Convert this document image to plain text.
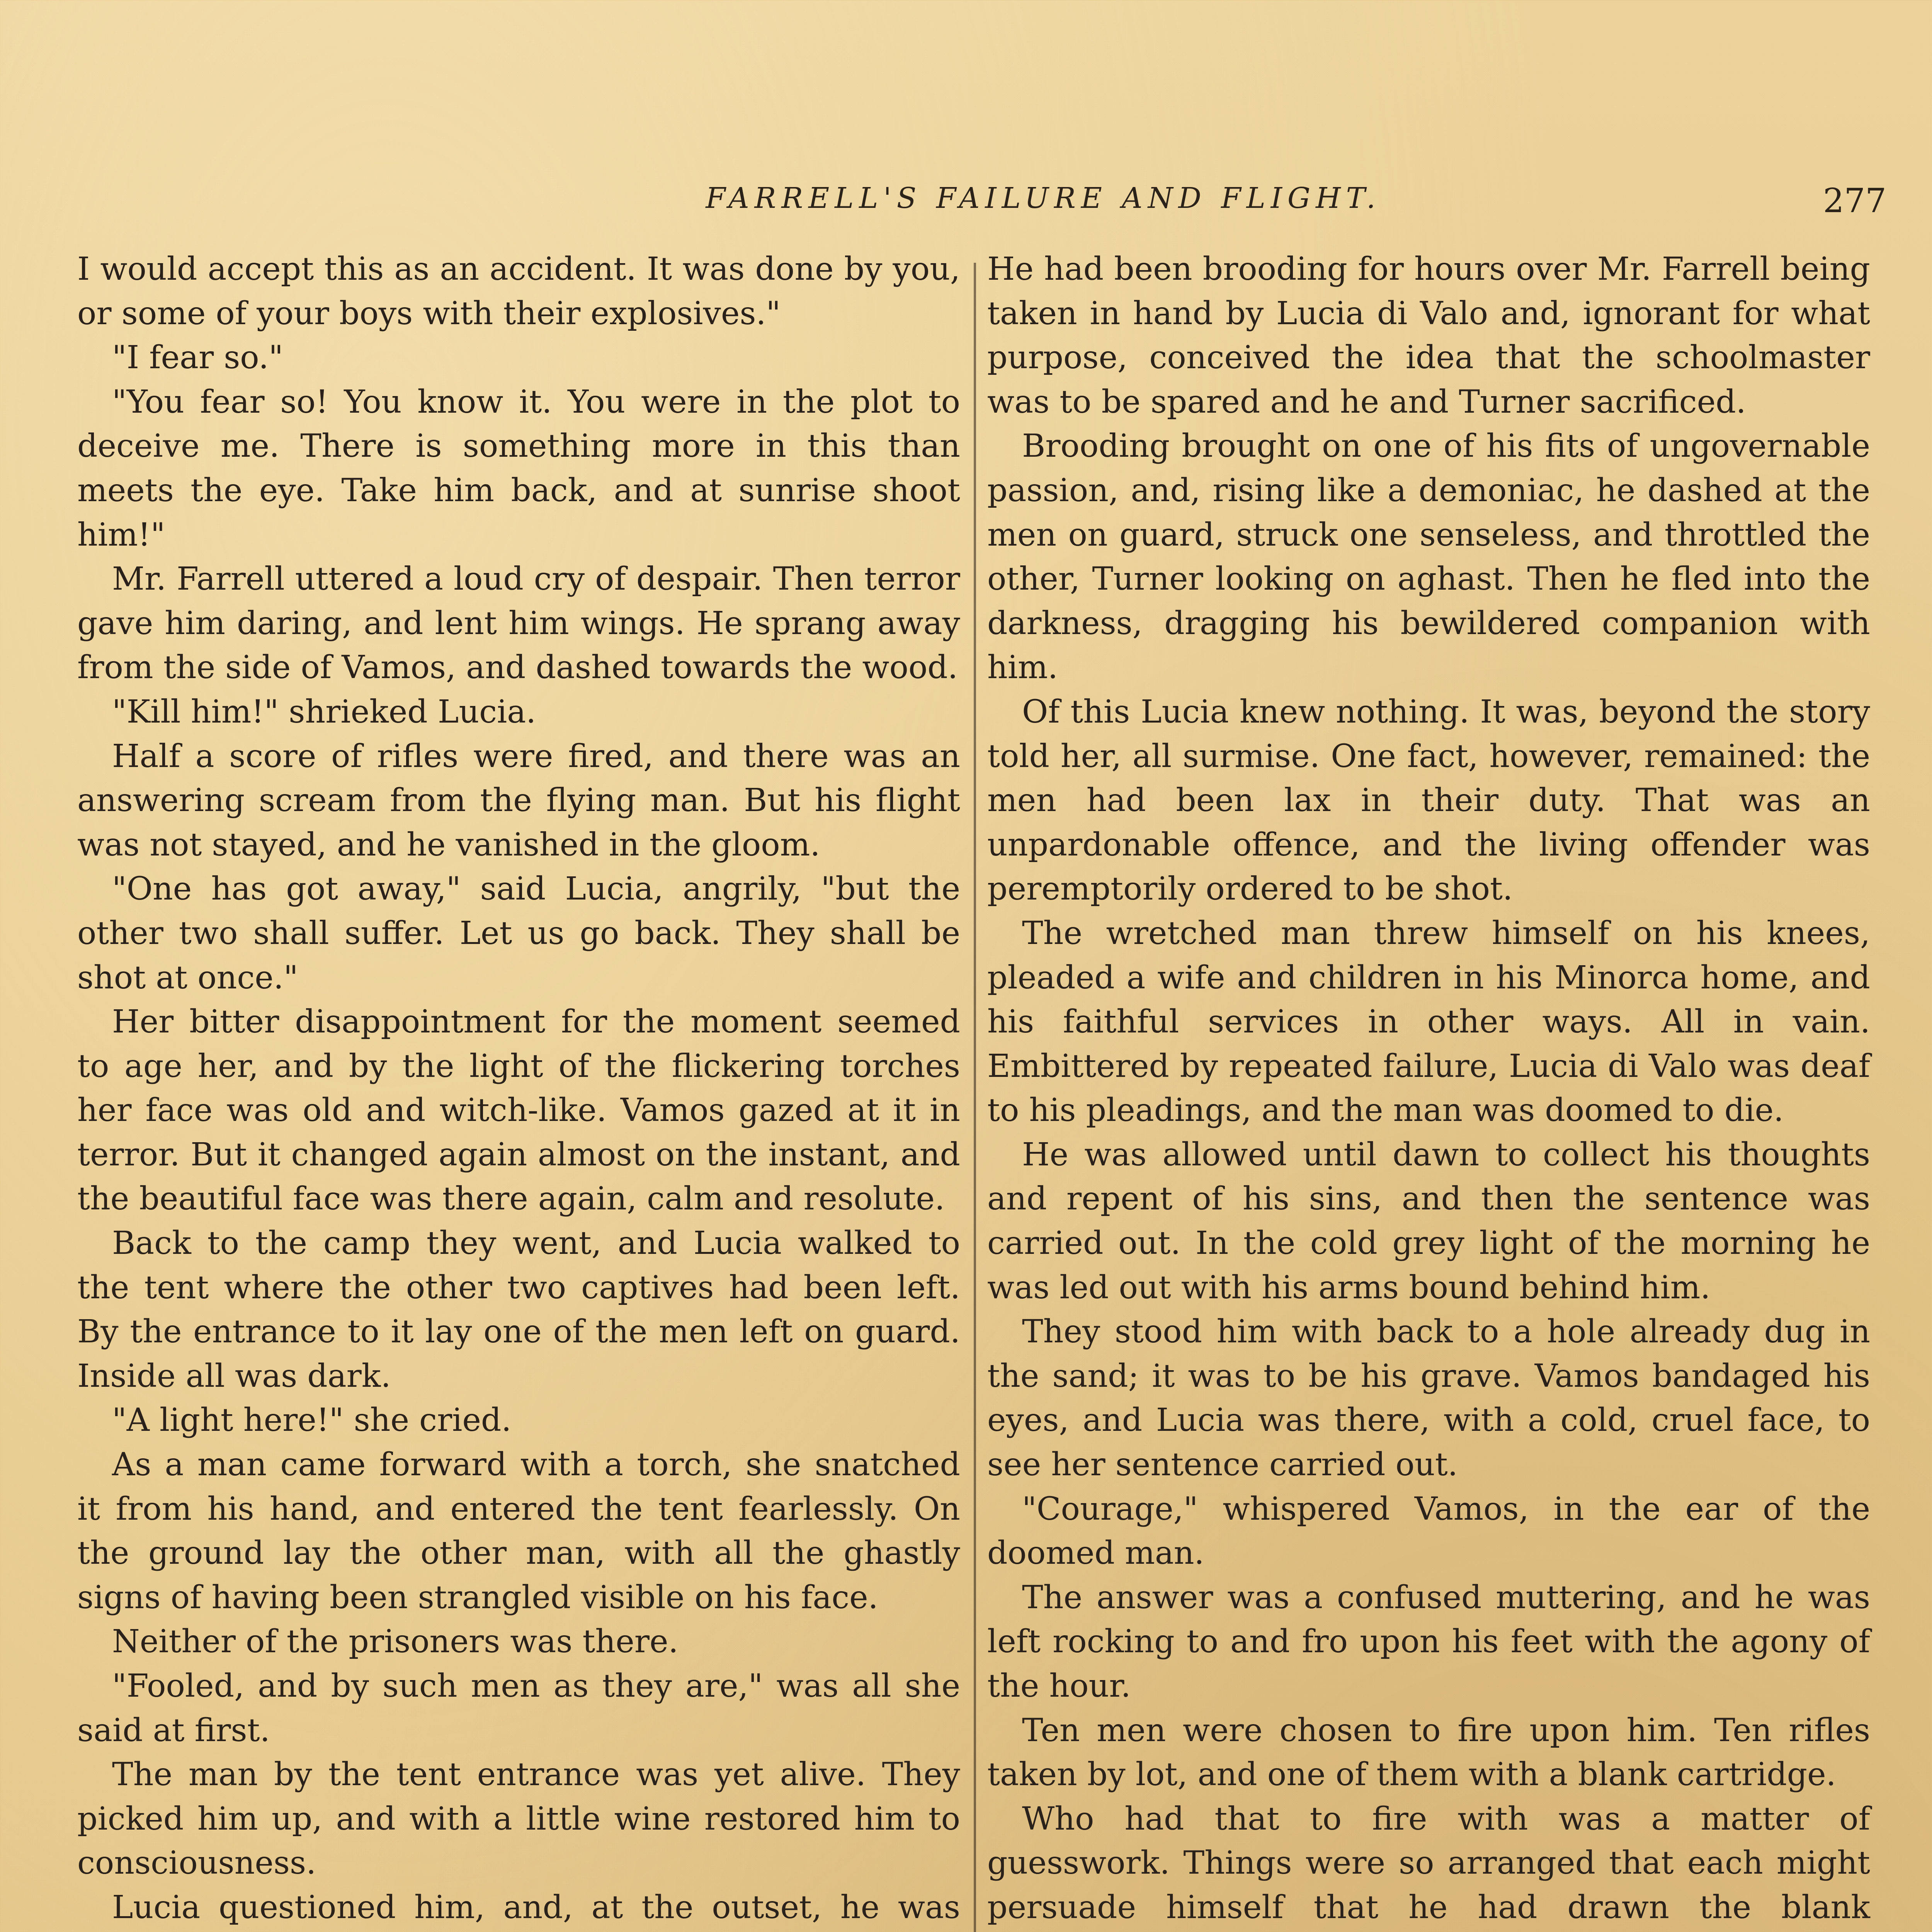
FARRELL'S FAILURE AND FLIGHT.	277

I would accept this as an accident. It was done by you, or some of your boys with their explosives."

"I fear so."

"You fear so! You know it. You were in the plot to deceive me. There is something more in this than meets the eye. Take him back, and at sunrise shoot him!"

Mr. Farrell uttered a loud cry of despair. Then terror gave him daring, and lent him wings. He sprang away from the side of Vamos, and dashed towards the wood.

"Kill him!" shrieked Lucia.

Half a score of rifles were fired, and there was an answering scream from the flying man. But his flight was not stayed, and he vanished in the gloom.

"One has got away," said Lucia, angrily, "but the other two shall suffer. Let us go back. They shall be shot at once."

Her bitter disappointment for the moment seemed to age her, and by the light of the flickering torches her face was old and witch-like. Vamos gazed at it in terror. But it changed again almost on the instant, and the beautiful face was there again, calm and resolute.

Back to the camp they went, and Lucia walked to the tent where the other two captives had been left. By the entrance to it lay one of the men left on guard. Inside all was dark.

"A light here!" she cried.

As a man came forward with a torch, she snatched it from his hand, and entered the tent fearlessly. On the ground lay the other man, with all the ghastly signs of having been strangled visible on his face.

Neither of the prisoners was there.

"Fooled, and by such men as they are," was all she said at first.

The man by the tent entrance was yet alive. They picked him up, and with a little wine restored him to consciousness.

Lucia questioned him, and, at the outset, he was

He had been brooding for hours over Mr. Farrell being taken in hand by Lucia di Valo and, ignorant for what purpose, conceived the idea that the schoolmaster was to be spared and he and Turner sacrificed.

Brooding brought on one of his fits of ungovernable passion, and, rising like a demoniac, he dashed at the men on guard, struck one senseless, and throttled the other, Turner looking on aghast. Then he fled into the darkness, dragging his bewildered companion with him.

Of this Lucia knew nothing. It was, beyond the story told her, all surmise. One fact, however, remained: the men had been lax in their duty. That was an unpardonable offence, and the living offender was peremptorily ordered to be shot.

The wretched man threw himself on his knees, pleaded a wife and children in his Minorca home, and his faithful services in other ways. All in vain. Embittered by repeated failure, Lucia di Valo was deaf to his pleadings, and the man was doomed to die.

He was allowed until dawn to collect his thoughts and repent of his sins, and then the sentence was carried out. In the cold grey light of the morning he was led out with his arms bound behind him.

They stood him with back to a hole already dug in the sand; it was to be his grave. Vamos bandaged his eyes, and Lucia was there, with a cold, cruel face, to see her sentence carried out.

"Courage," whispered Vamos, in the ear of the doomed man.

The answer was a confused muttering, and he was left rocking to and fro upon his feet with the agony of the hour.

Ten men were chosen to fire upon him. Ten rifles taken by lot, and one of them with a blank cartridge.

Who had that to fire with was a matter of guesswork. Things were so arranged that each might persuade himself that he had drawn the blank
